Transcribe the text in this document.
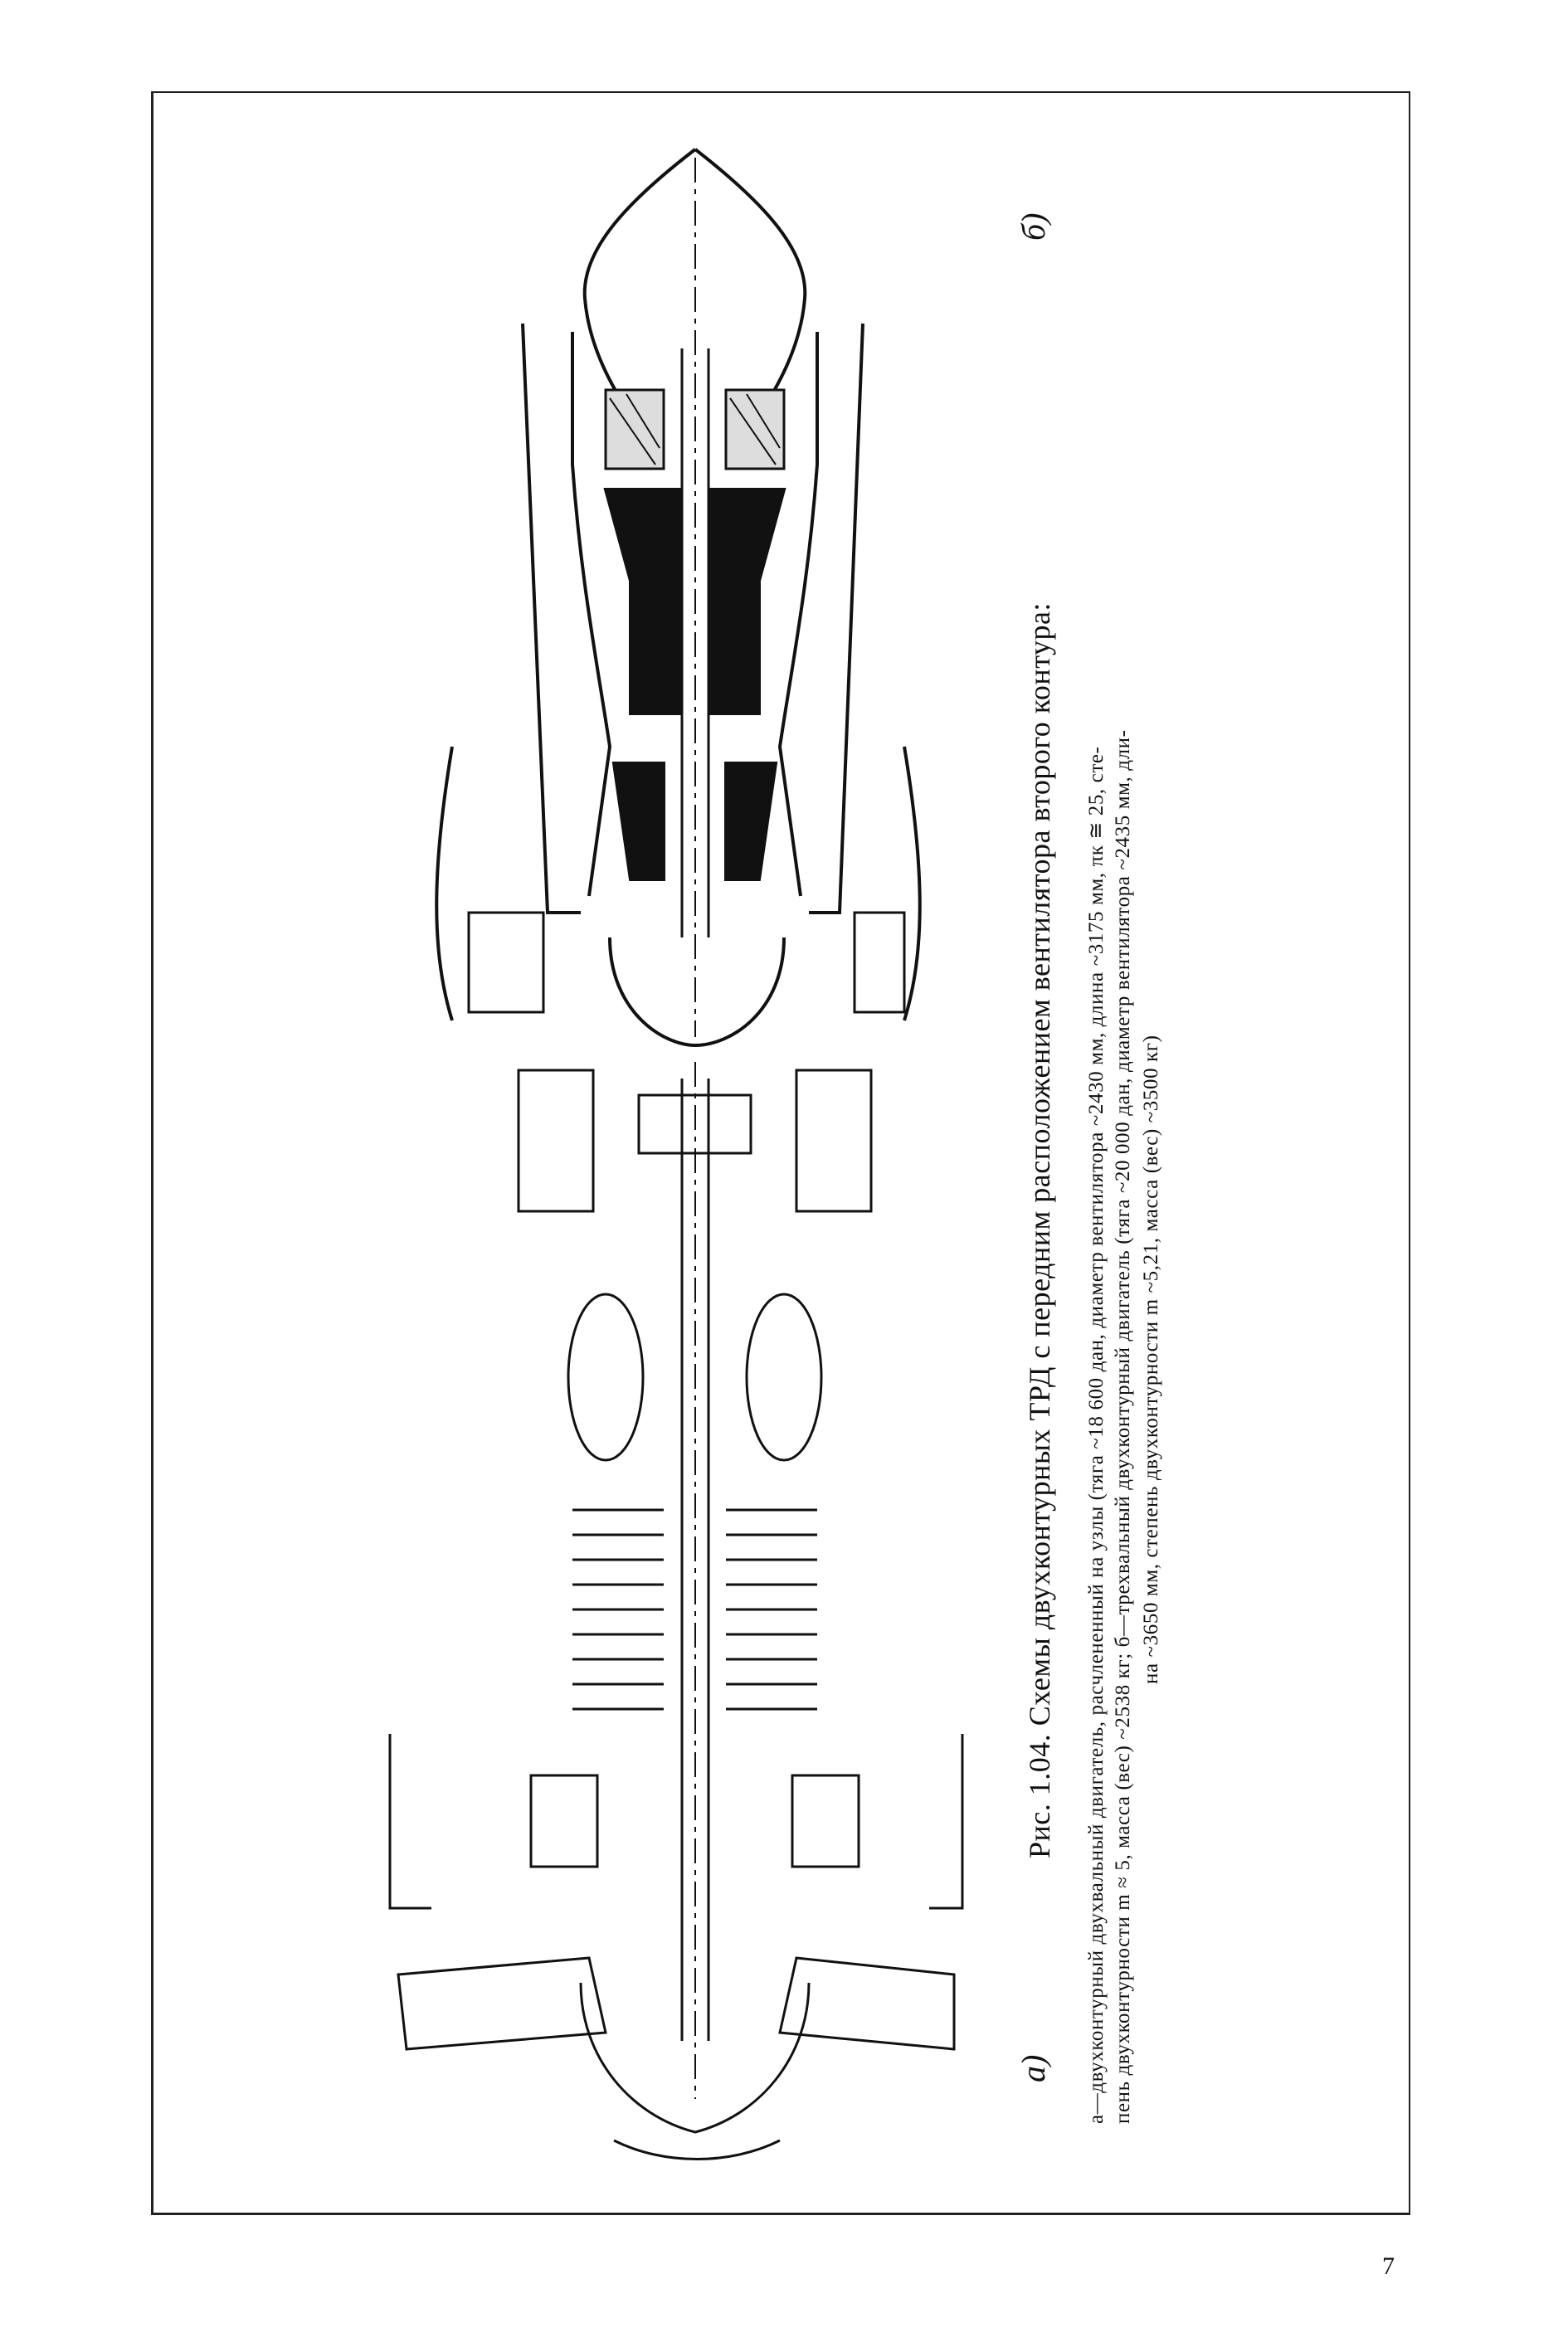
б)
Рис. 1.04. Схемы двухконтурных ТРД с передним расположением вентилятора второго контура: а—двухконтурный двухвальный двигатель, расчлененный на узлы (тяга ~18 600 дан, диаметр вентилятора ~2430 мм, длина ~3175 мм, πк ≅ 25, сте- пень двухконтурности m ≈ 5, масса (вес) ~2538 кг; б—трехвальный двухконтурный двигатель (тяга ~20 000 дан, диаметр вентилятора ~2435 мм, дли- на ~3650 мм, степень двухконтурности m ~5,21, масса (вес) ~3500 кг)
а)
7
